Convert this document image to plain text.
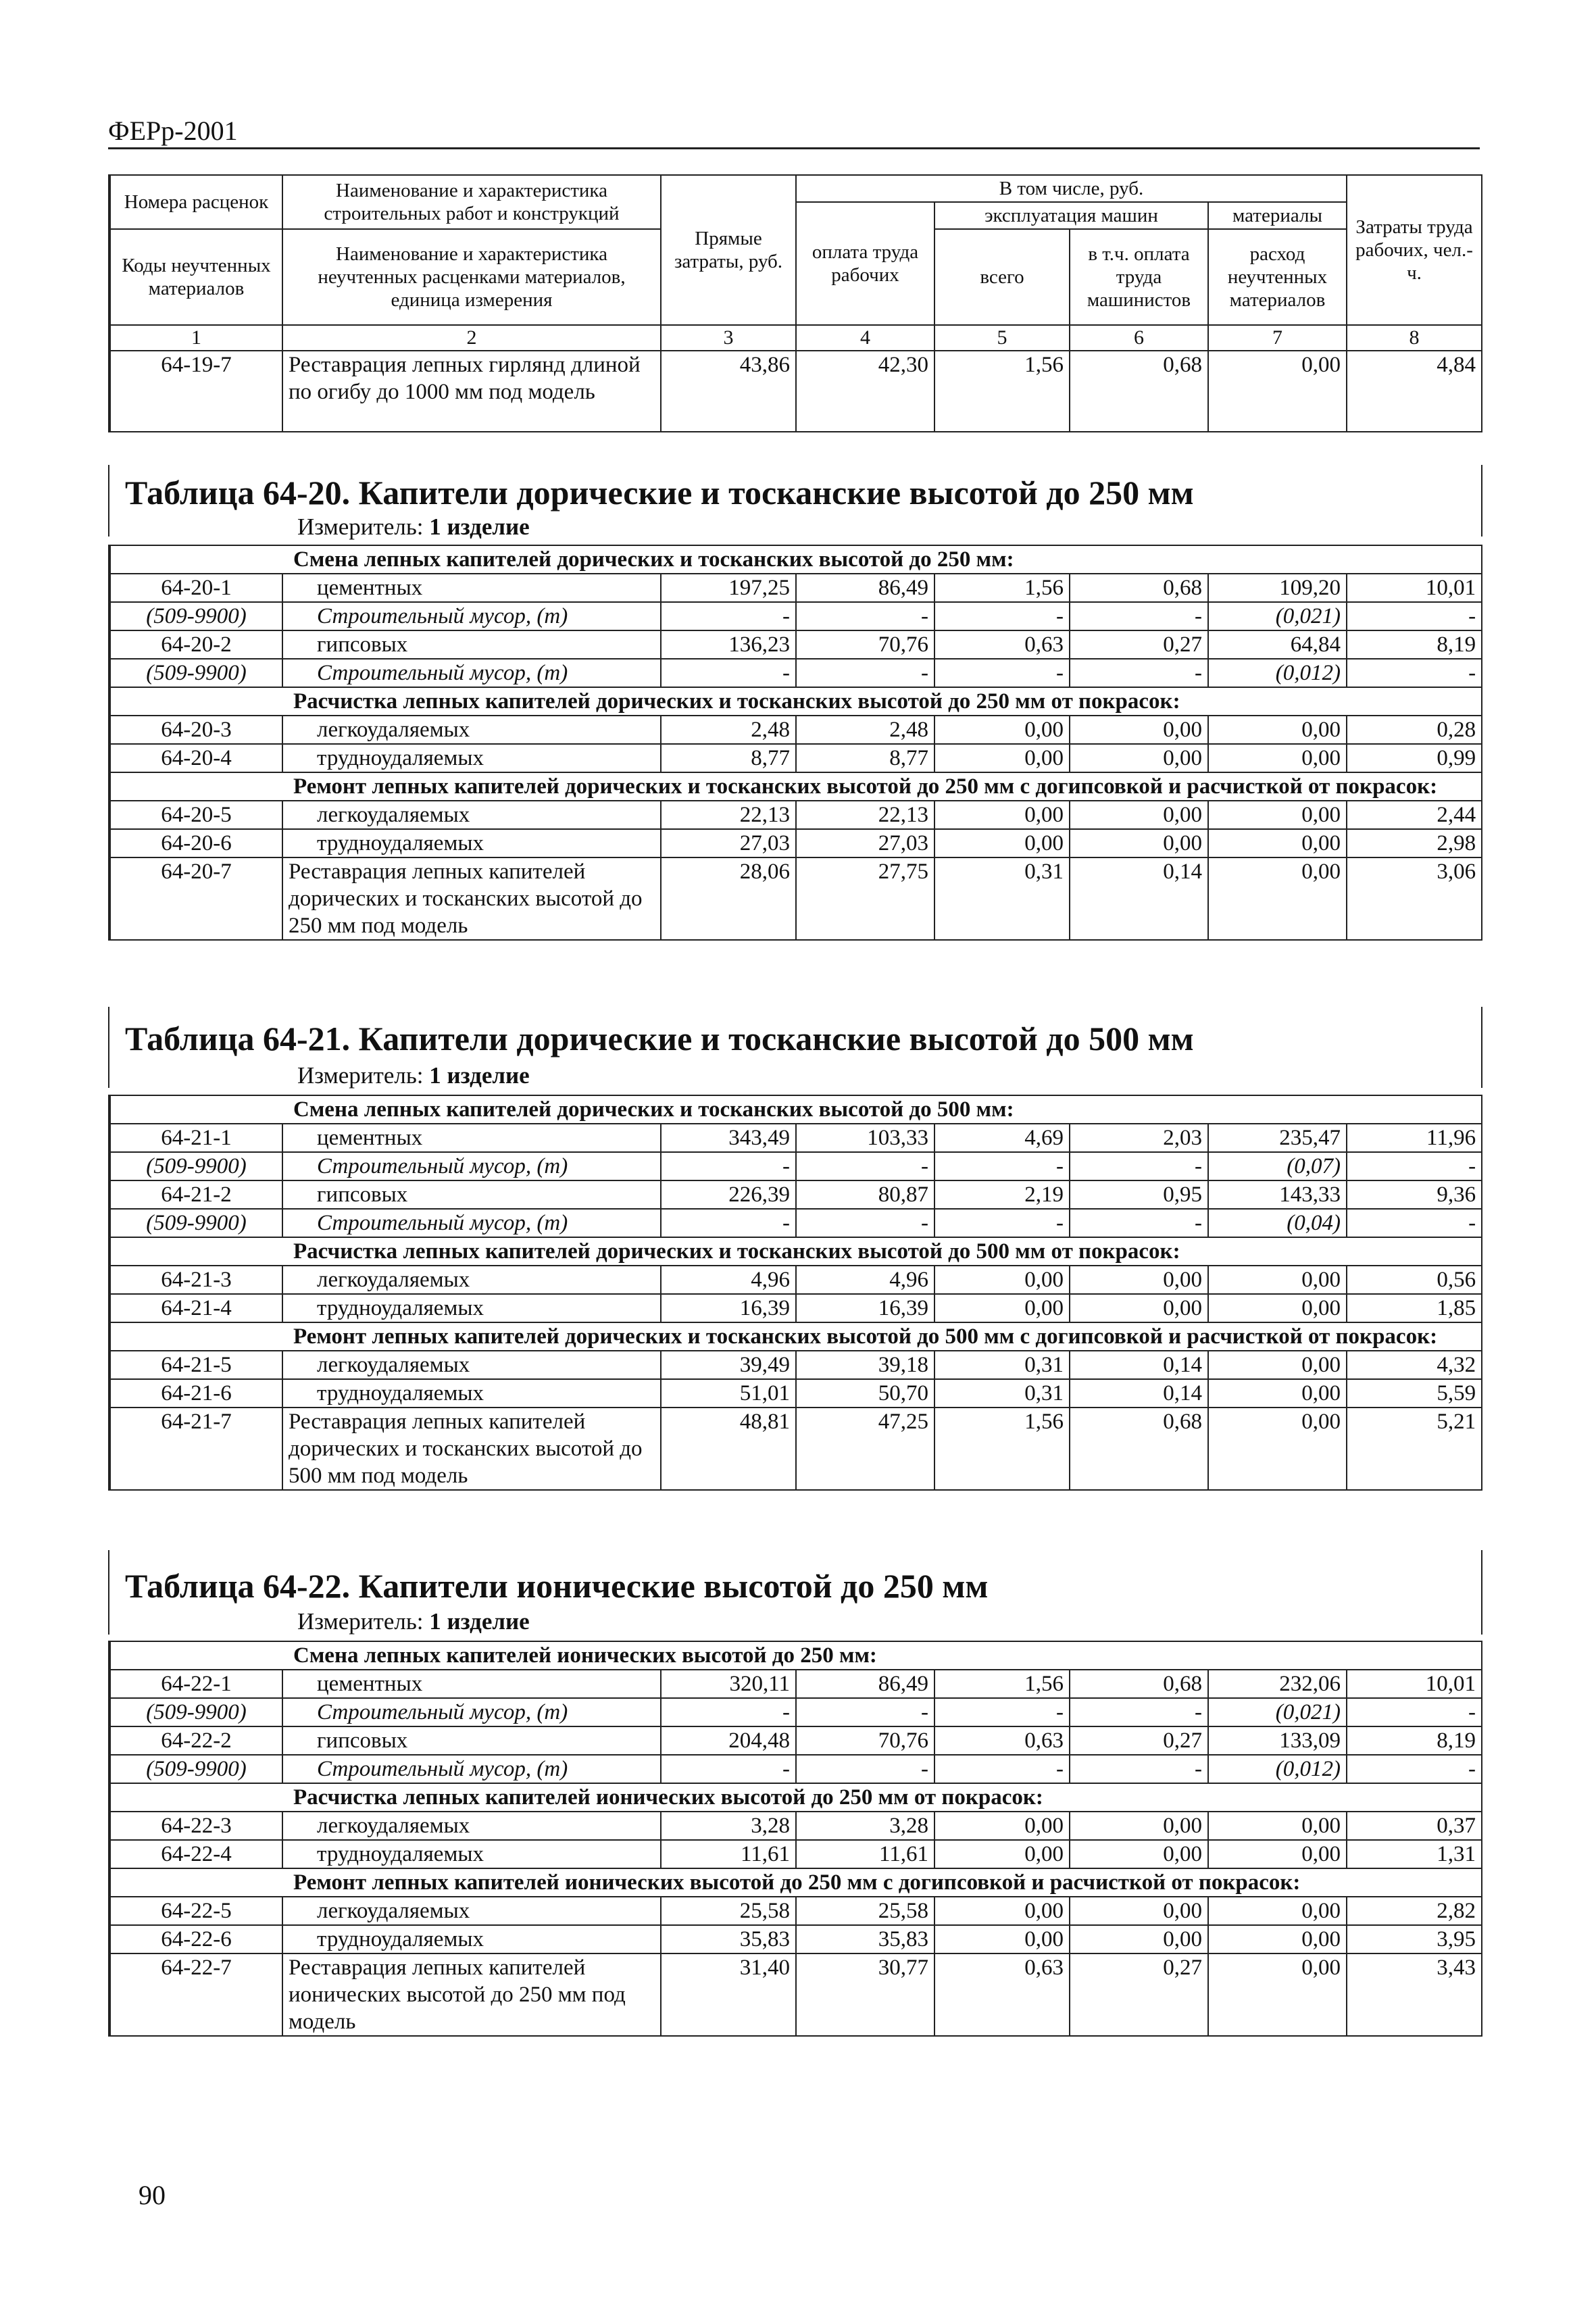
ФЕРр-2001
Номера расценок	Наименование и характеристика строительных работ и конструкций	Прямые затраты, руб.	В том числе, руб.				Затраты труда рабочих, чел.-ч.
			оплата труда рабочих	эксплуатация машин		материалы	
Коды неучтенных материалов	Наименование и характеристика неучтенных расценками материалов, единица измерения			всего	в т.ч. оплата труда машинистов	расход неучтенных материалов	

1	2	3	4	5	6	7	8
64-19-7	Реставрация лепных гирлянд длиной по огибу до 1000 мм под модель	43,86	42,30	1,56	0,68	0,00	4,84
Таблица 64-20. Капители дорические и тосканские высотой до 250 мм
Измеритель: 1 изделие
Смена лепных капителей дорических и тосканских высотой до 250 мм:							
64-20-1	цементных	197,25	86,49	1,56	0,68	109,20	10,01
(509-9900)	Строительный мусор, (т)	-	-	-	-	(0,021)	-
64-20-2	гипсовых	136,23	70,76	0,63	0,27	64,84	8,19
(509-9900)	Строительный мусор, (т)	-	-	-	-	(0,012)	-
Расчистка лепных капителей дорических и тосканских высотой до 250 мм от покрасок:							
64-20-3	легкоудаляемых	2,48	2,48	0,00	0,00	0,00	0,28
64-20-4	трудноудаляемых	8,77	8,77	0,00	0,00	0,00	0,99
Ремонт лепных капителей дорических и тосканских высотой до 250 мм с догипсовкой и расчисткой от покрасок:							
64-20-5	легкоудаляемых	22,13	22,13	0,00	0,00	0,00	2,44
64-20-6	трудноудаляемых	27,03	27,03	0,00	0,00	0,00	2,98
64-20-7	Реставрация лепных капителей дорических и тосканских высотой до 250 мм под модель	28,06	27,75	0,31	0,14	0,00	3,06
Таблица 64-21. Капители дорические и тосканские высотой до 500 мм
Измеритель: 1 изделие
Смена лепных капителей дорических и тосканских высотой до 500 мм:							
64-21-1	цементных	343,49	103,33	4,69	2,03	235,47	11,96
(509-9900)	Строительный мусор, (т)	-	-	-	-	(0,07)	-
64-21-2	гипсовых	226,39	80,87	2,19	0,95	143,33	9,36
(509-9900)	Строительный мусор, (т)	-	-	-	-	(0,04)	-
Расчистка лепных капителей дорических и тосканских высотой до 500 мм от покрасок:							
64-21-3	легкоудаляемых	4,96	4,96	0,00	0,00	0,00	0,56
64-21-4	трудноудаляемых	16,39	16,39	0,00	0,00	0,00	1,85
Ремонт лепных капителей дорических и тосканских высотой до 500 мм с догипсовкой и расчисткой от покрасок:							
64-21-5	легкоудаляемых	39,49	39,18	0,31	0,14	0,00	4,32
64-21-6	трудноудаляемых	51,01	50,70	0,31	0,14	0,00	5,59
64-21-7	Реставрация лепных капителей дорических и тосканских высотой до 500 мм под модель	48,81	47,25	1,56	0,68	0,00	5,21
Таблица 64-22. Капители ионические высотой до 250 мм
Измеритель: 1 изделие
Смена лепных капителей ионических высотой до 250 мм:							
64-22-1	цементных	320,11	86,49	1,56	0,68	232,06	10,01
(509-9900)	Строительный мусор, (т)	-	-	-	-	(0,021)	-
64-22-2	гипсовых	204,48	70,76	0,63	0,27	133,09	8,19
(509-9900)	Строительный мусор, (т)	-	-	-	-	(0,012)	-
Расчистка лепных капителей ионических высотой до 250 мм от покрасок:							
64-22-3	легкоудаляемых	3,28	3,28	0,00	0,00	0,00	0,37
64-22-4	трудноудаляемых	11,61	11,61	0,00	0,00	0,00	1,31
Ремонт лепных капителей ионических высотой до 250 мм с догипсовкой и расчисткой от покрасок:							
64-22-5	легкоудаляемых	25,58	25,58	0,00	0,00	0,00	2,82
64-22-6	трудноудаляемых	35,83	35,83	0,00	0,00	0,00	3,95
64-22-7	Реставрация лепных капителей ионических высотой до 250 мм под модель	31,40	30,77	0,63	0,27	0,00	3,43
90
